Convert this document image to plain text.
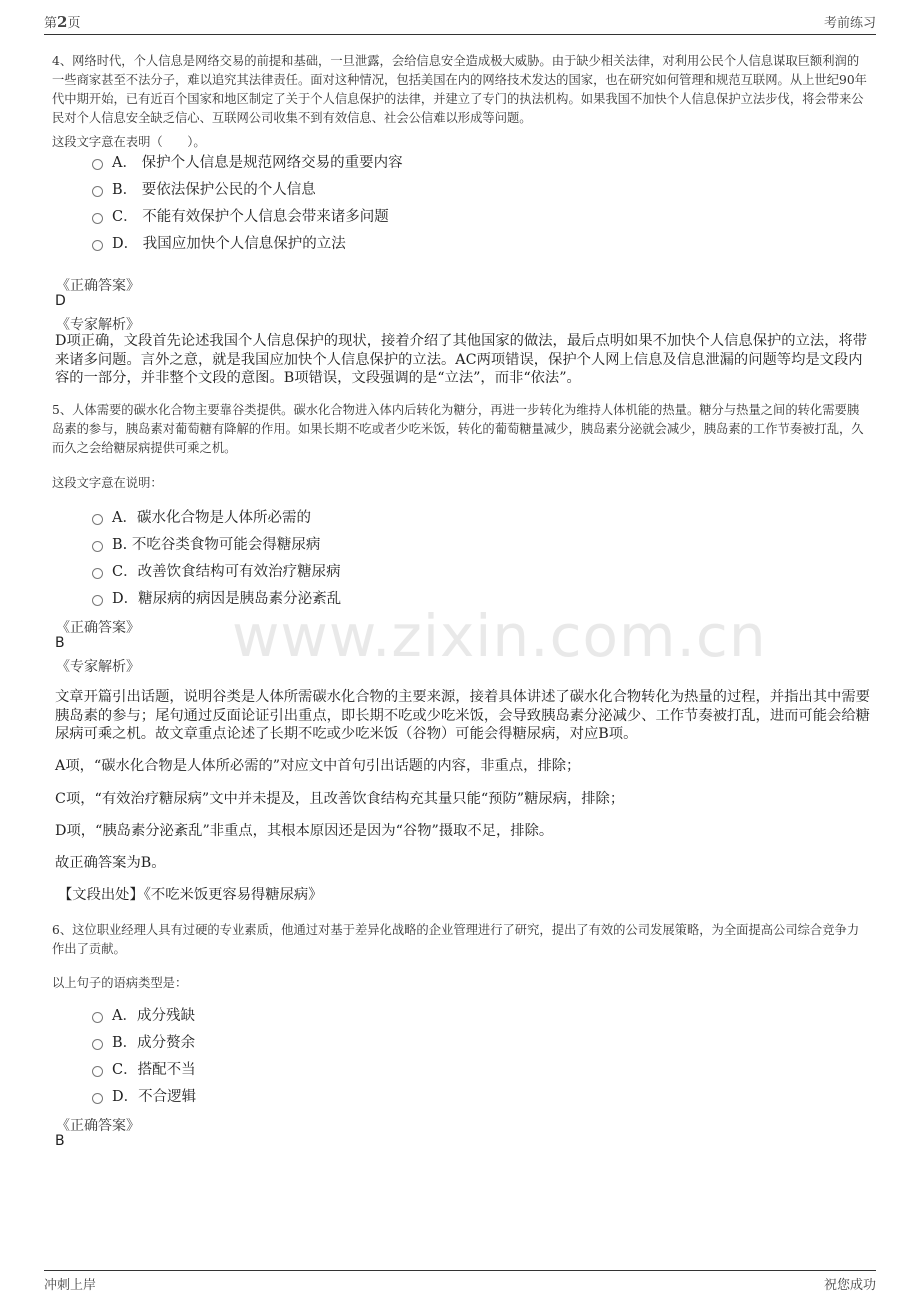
第2页	考前练习
www.zixin.com.cn
4、网络时代，个人信息是网络交易的前提和基础，一旦泄露，会给信息安全造成极大威胁。由于缺少相关法律，对利用公民个人信息谋取巨额利润的一些商家甚至不法分子，难以追究其法律责任。面对这种情况，包括美国在内的网络技术发达的国家，也在研究如何管理和规范互联网。从上世纪90年代中期开始，已有近百个国家和地区制定了关于个人信息保护的法律，并建立了专门的执法机构。如果我国不加快个人信息保护立法步伐，将会带来公民对个人信息安全缺乏信心、互联网公司收集不到有效信息、社会公信难以形成等问题。
这段文字意在表明（　　）。
A． 保护个人信息是规范网络交易的重要内容
B． 要依法保护公民的个人信息
C． 不能有效保护个人信息会带来诸多问题
D． 我国应加快个人信息保护的立法
《正确答案》
D
《专家解析》
D项正确，文段首先论述我国个人信息保护的现状，接着介绍了其他国家的做法，最后点明如果不加快个人信息保护的立法，将带来诸多问题。言外之意，就是我国应加快个人信息保护的立法。AC两项错误，保护个人网上信息及信息泄漏的问题等均是文段内容的一部分，并非整个文段的意图。B项错误，文段强调的是“立法”，而非“依法”。
5、人体需要的碳水化合物主要靠谷类提供。碳水化合物进入体内后转化为糖分，再进一步转化为维持人体机能的热量。糖分与热量之间的转化需要胰岛素的参与，胰岛素对葡萄糖有降解的作用。如果长期不吃或者少吃米饭，转化的葡萄糖量减少，胰岛素分泌就会减少，胰岛素的工作节奏被打乱，久而久之会给糖尿病提供可乘之机。
这段文字意在说明：
A．碳水化合物是人体所必需的
B. 不吃谷类食物可能会得糖尿病
C．改善饮食结构可有效治疗糖尿病
D．糖尿病的病因是胰岛素分泌紊乱
《正确答案》
B
《专家解析》
文章开篇引出话题，说明谷类是人体所需碳水化合物的主要来源，接着具体讲述了碳水化合物转化为热量的过程，并指出其中需要胰岛素的参与；尾句通过反面论证引出重点，即长期不吃或少吃米饭，会导致胰岛素分泌减少、工作节奏被打乱，进而可能会给糖尿病可乘之机。故文章重点论述了长期不吃或少吃米饭（谷物）可能会得糖尿病，对应B项。
A项，“碳水化合物是人体所必需的”对应文中首句引出话题的内容，非重点，排除；
C项，“有效治疗糖尿病”文中并未提及，且改善饮食结构充其量只能“预防”糖尿病，排除；
D项，“胰岛素分泌紊乱”非重点，其根本原因还是因为“谷物”摄取不足，排除。
故正确答案为B。
【文段出处】《不吃米饭更容易得糖尿病》
6、这位职业经理人具有过硬的专业素质，他通过对基于差异化战略的企业管理进行了研究，提出了有效的公司发展策略，为全面提高公司综合竞争力作出了贡献。
以上句子的语病类型是：
A．成分残缺
B．成分赘余
C．搭配不当
D．不合逻辑
《正确答案》
B
冲刺上岸	祝您成功
